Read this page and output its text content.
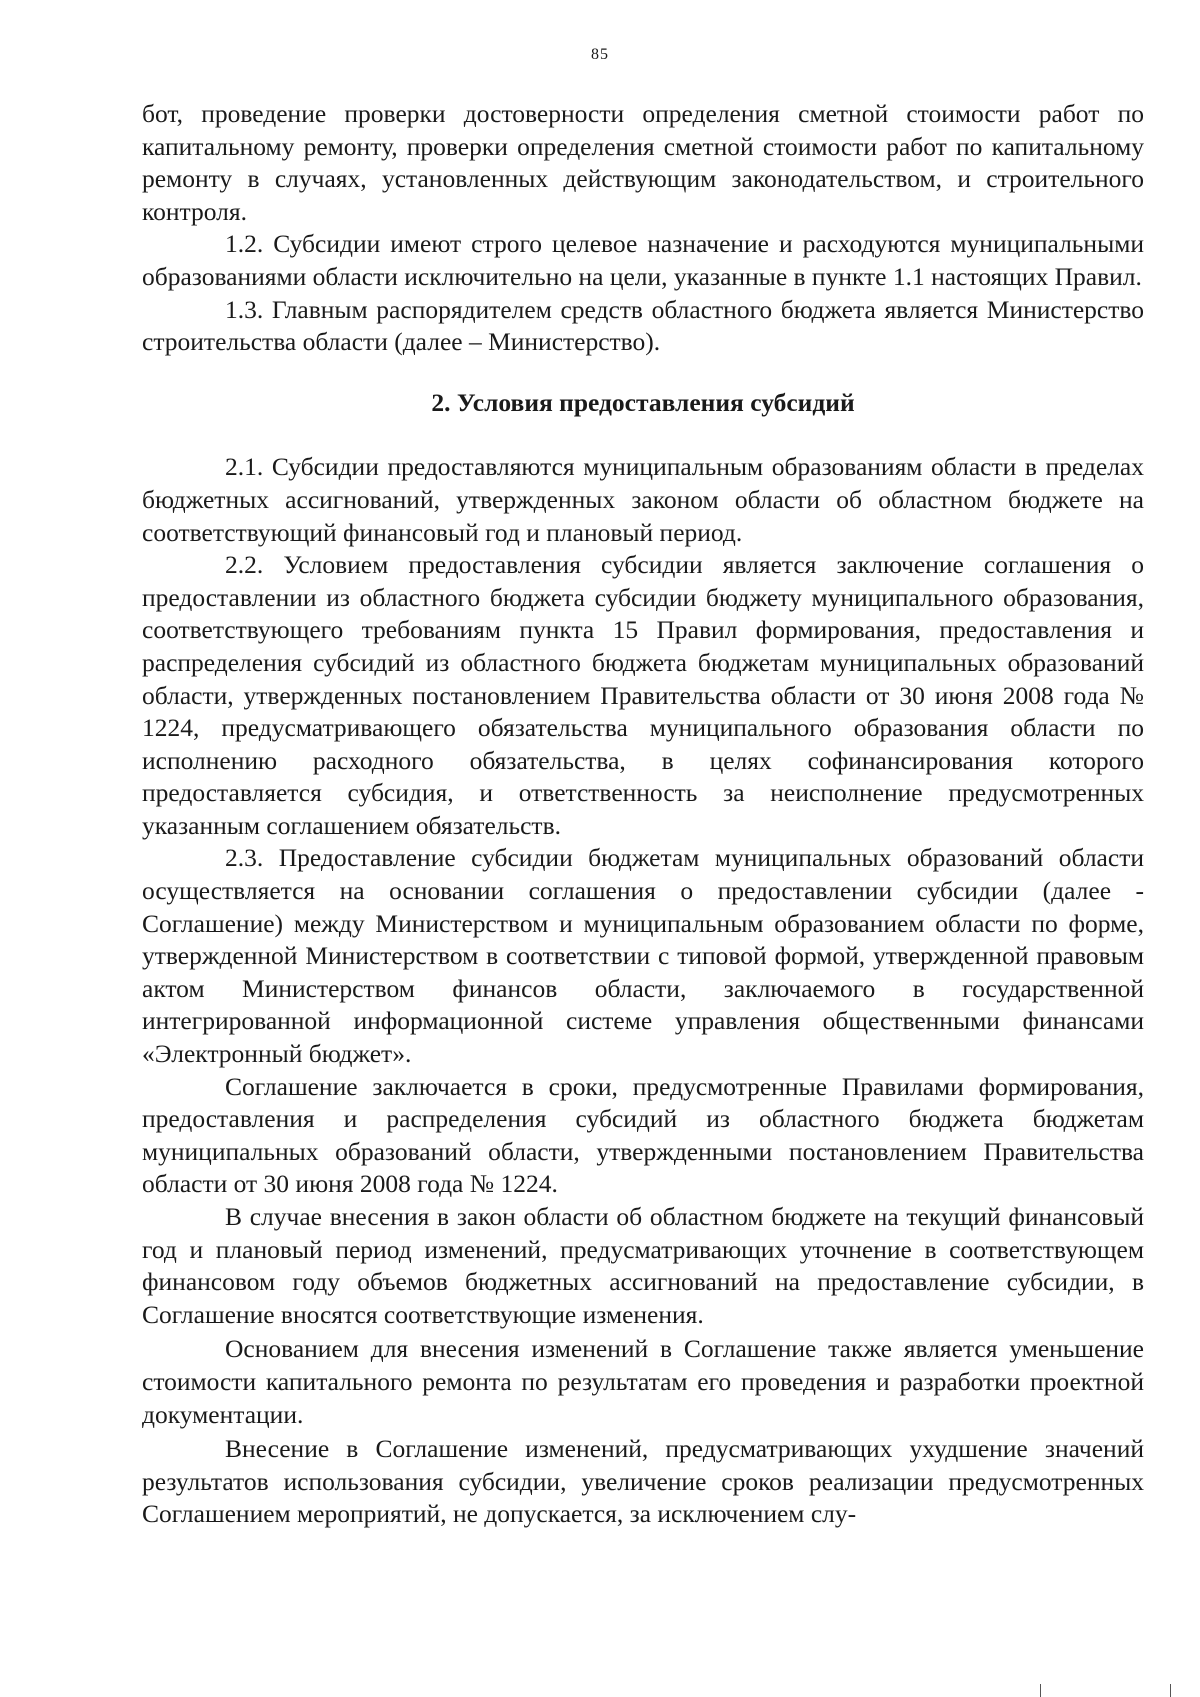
85

бот, проведение проверки достоверности определения сметной стоимости работ по капитальному ремонту, проверки определения сметной стоимости работ по капитальному ремонту в случаях, установленных действующим законодательством, и строительного контроля.

1.2. Субсидии имеют строго целевое назначение и расходуются муниципальными образованиями области исключительно на цели, указанные в пункте 1.1 настоящих Правил.

1.3. Главным распорядителем средств областного бюджета является Министерство строительства области (далее – Министерство).

2. Условия предоставления субсидий

2.1. Субсидии предоставляются муниципальным образованиям области в пределах бюджетных ассигнований, утвержденных законом области об областном бюджете на соответствующий финансовый год и плановый период.

2.2. Условием предоставления субсидии является заключение соглашения о предоставлении из областного бюджета субсидии бюджету муниципального образования, соответствующего требованиям пункта 15 Правил формирования, предоставления и распределения субсидий из областного бюджета бюджетам муниципальных образований области, утвержденных постановлением Правительства области от 30 июня 2008 года № 1224, предусматривающего обязательства муниципального образования области по исполнению расходного обязательства, в целях софинансирования которого предоставляется субсидия, и ответственность за неисполнение предусмотренных указанным соглашением обязательств.

2.3. Предоставление субсидии бюджетам муниципальных образований области осуществляется на основании соглашения о предоставлении субсидии (далее - Соглашение) между Министерством и муниципальным образованием области по форме, утвержденной Министерством в соответствии с типовой формой, утвержденной правовым актом Министерством финансов области, заключаемого в государственной интегрированной информационной системе управления общественными финансами «Электронный бюджет».

Соглашение заключается в сроки, предусмотренные Правилами формирования, предоставления и распределения субсидий из областного бюджета бюджетам муниципальных образований области, утвержденными постановлением Правительства области от 30 июня 2008 года № 1224.

В случае внесения в закон области об областном бюджете на текущий финансовый год и плановый период изменений, предусматривающих уточнение в соответствующем финансовом году объемов бюджетных ассигнований на предоставление субсидии, в Соглашение вносятся соответствующие изменения.

Основанием для внесения изменений в Соглашение также является уменьшение стоимости капитального ремонта по результатам его проведения и разработки проектной документации.

Внесение в Соглашение изменений, предусматривающих ухудшение значений результатов использования субсидии, увеличение сроков реализации предусмотренных Соглашением мероприятий, не допускается, за исключением слу-
